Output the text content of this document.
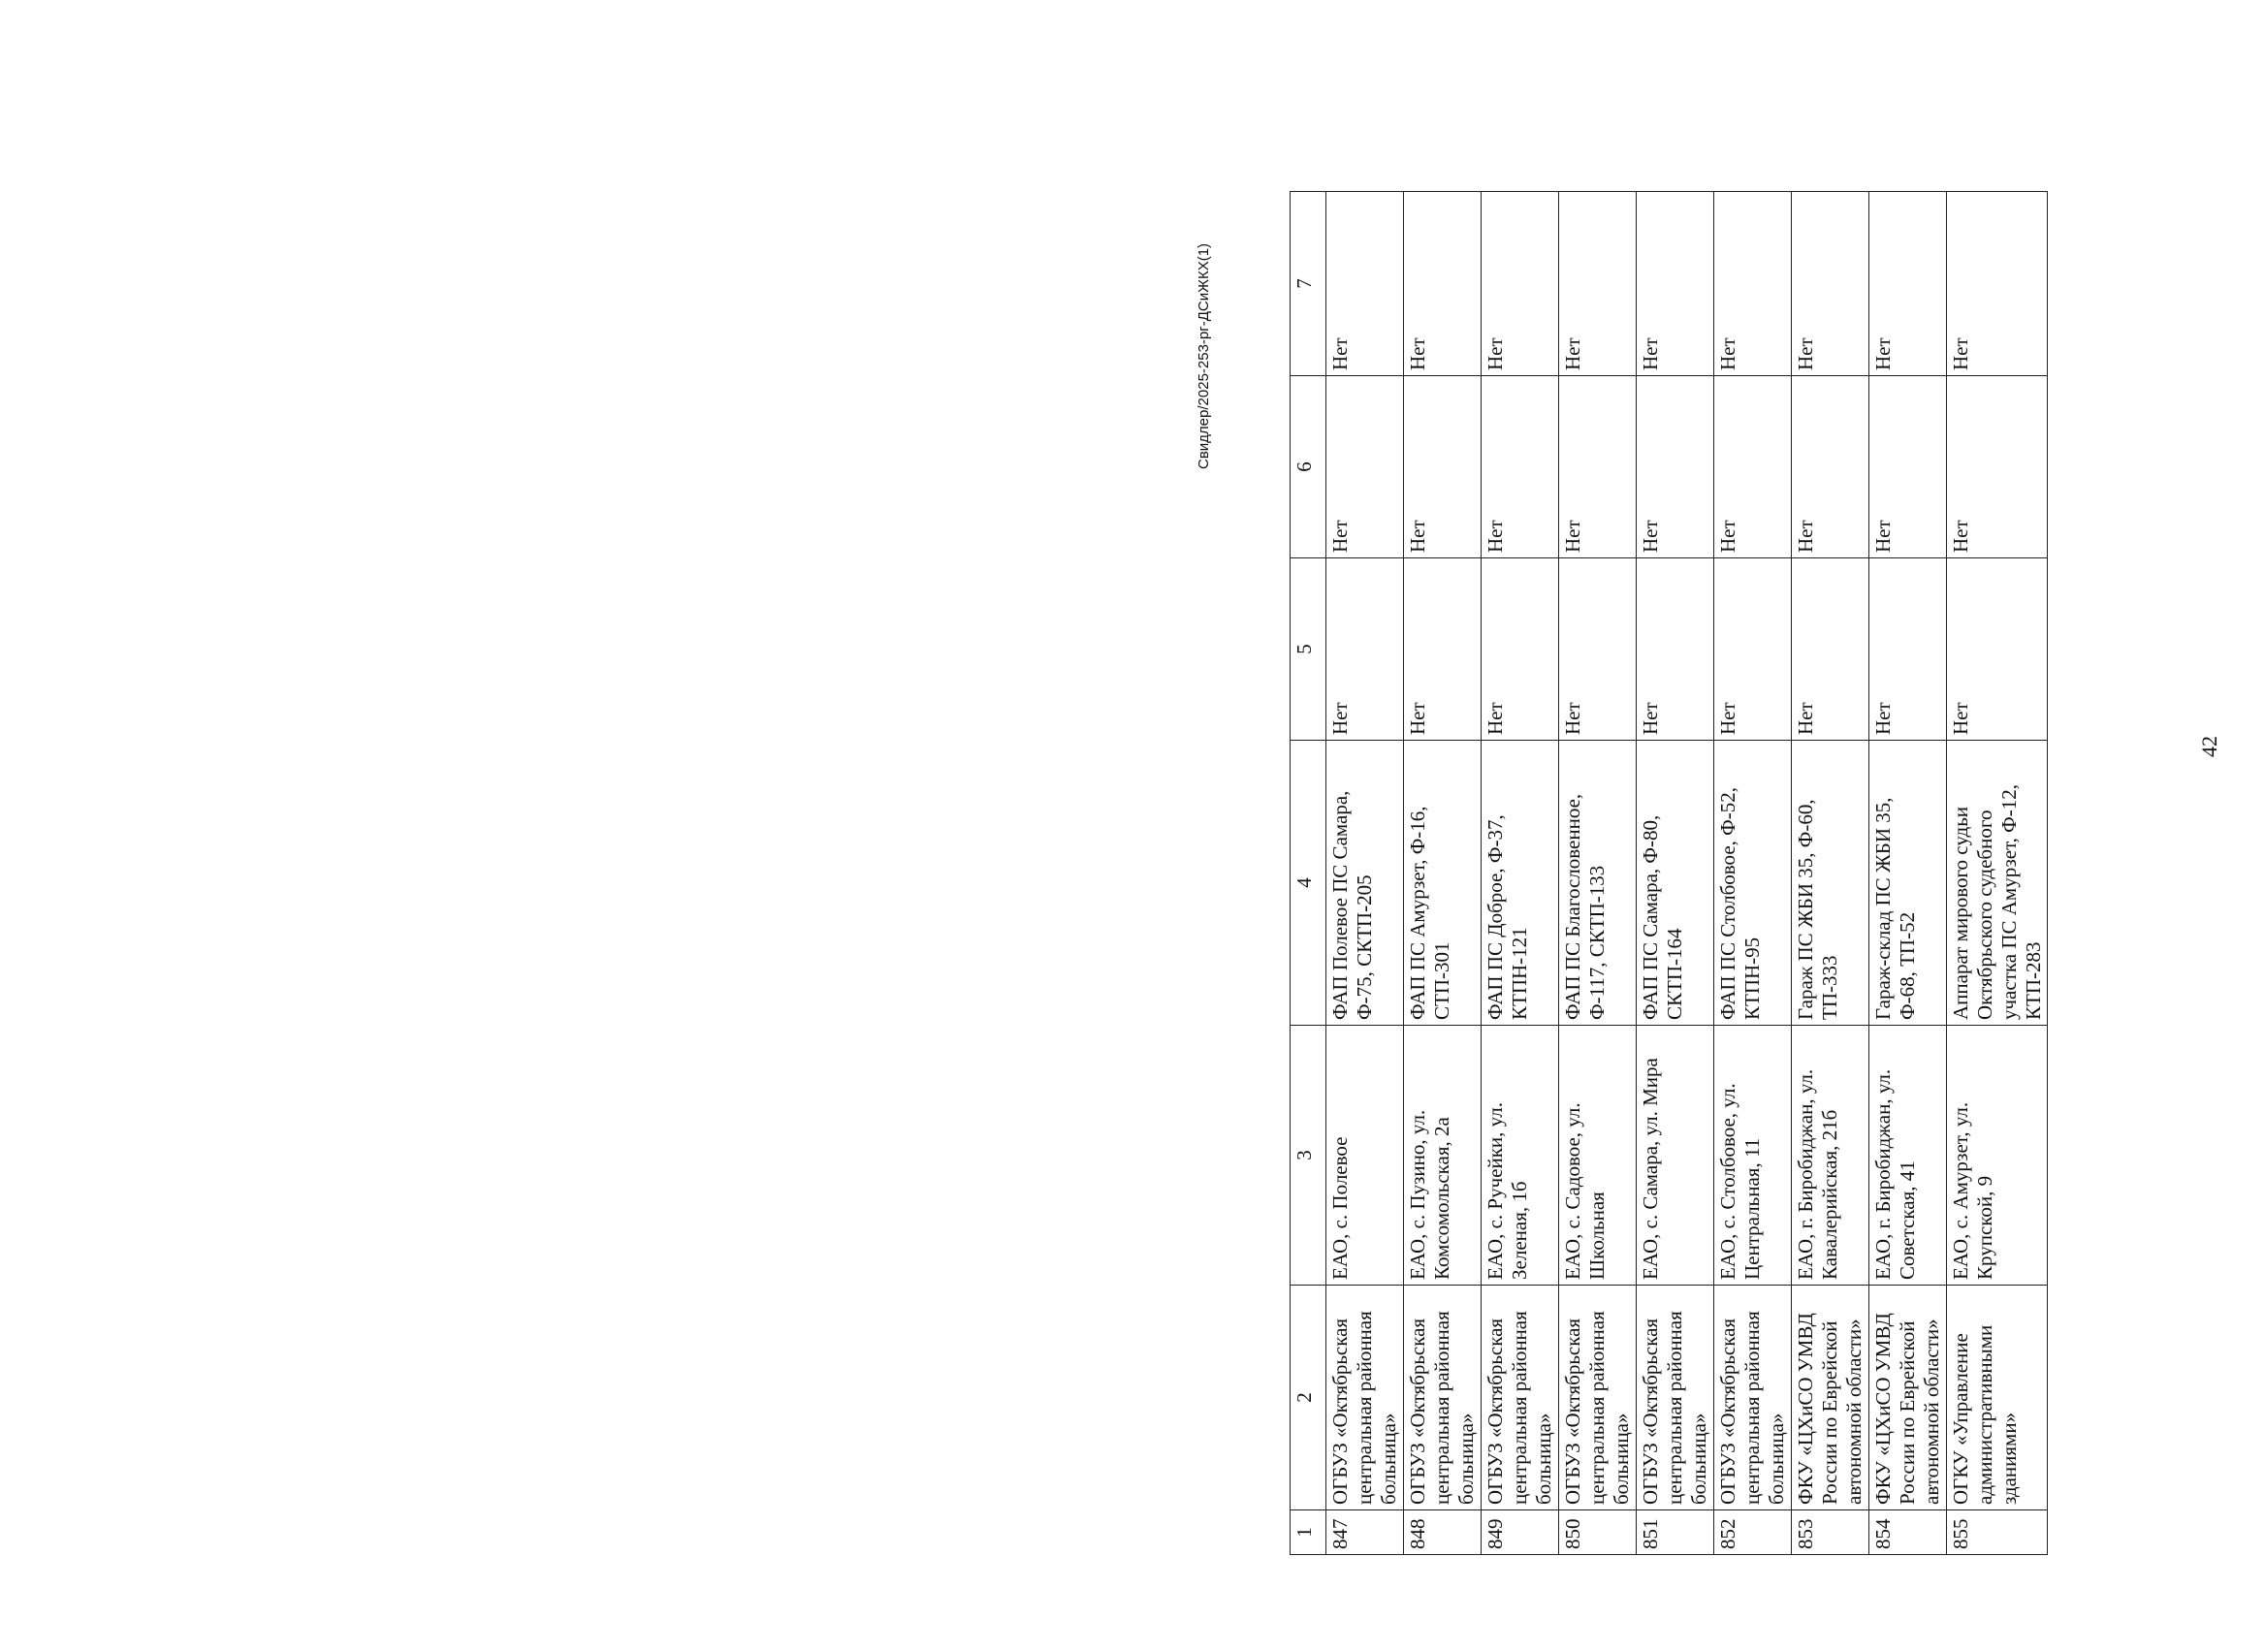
42
Свидлер/2025-253-рг-ДСиЖКХ(1)
1	2	3	4	5	6	7
847	ОГБУЗ «Октябрьская центральная районная больница»	ЕАО, с. Полевое	ФАП Полевое ПС Самара, Ф-75, СКТП-205	Нет	Нет	Нет
848	ОГБУЗ «Октябрьская центральная районная больница»	ЕАО, с. Пузино, ул. Комсомольская, 2а	ФАП ПС Амурзет, Ф-16, СТП-301	Нет	Нет	Нет
849	ОГБУЗ «Октябрьская центральная районная больница»	ЕАО, с. Ручейки, ул. Зеленая, 1б	ФАП ПС Доброе, Ф-37, КТПН-121	Нет	Нет	Нет
850	ОГБУЗ «Октябрьская центральная районная больница»	ЕАО, с. Садовое, ул. Школьная	ФАП ПС Благословенное, Ф-117, СКТП-133	Нет	Нет	Нет
851	ОГБУЗ «Октябрьская центральная районная больница»	ЕАО, с. Самара, ул. Мира	ФАП ПС Самара, Ф-80, СКТП-164	Нет	Нет	Нет
852	ОГБУЗ «Октябрьская центральная районная больница»	ЕАО, с. Столбовое, ул. Центральная, 11	ФАП ПС Столбовое, Ф-52, КТПН-95	Нет	Нет	Нет
853	ФКУ «ЦХиСО УМВД России по Еврейской автономной области»	ЕАО, г. Биробиджан, ул. Кавалерийская, 21б	Гараж ПС ЖБИ 35, Ф-60, ТП-333	Нет	Нет	Нет
854	ФКУ «ЦХиСО УМВД России по Еврейской автономной области»	ЕАО, г. Биробиджан, ул. Советская, 41	Гараж-склад ПС ЖБИ 35, Ф-68, ТП-52	Нет	Нет	Нет
855	ОГКУ «Управление административными зданиями»	ЕАО, с. Амурзет, ул. Крупской, 9	Аппарат мирового судьи Октябрьского судебного участка ПС Амурзет, Ф-12, КТП-283	Нет	Нет	Нет
